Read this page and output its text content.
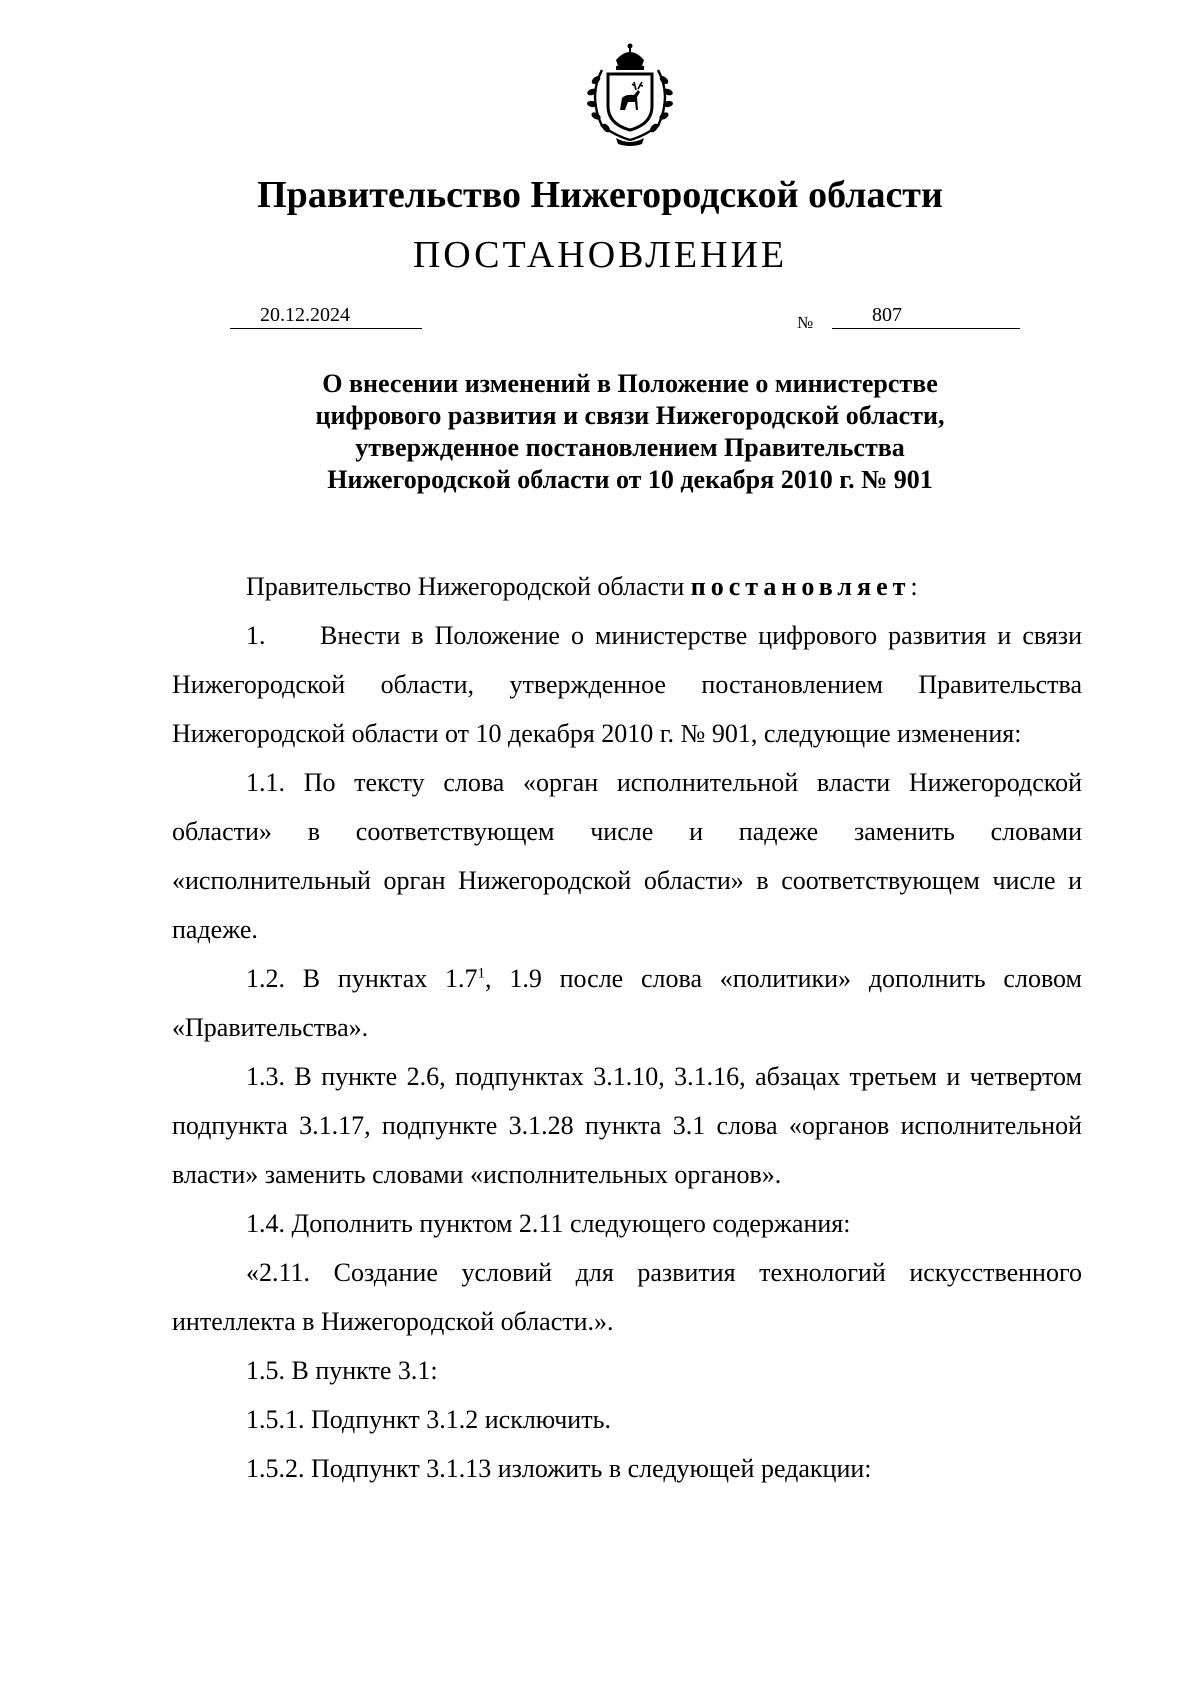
Правительство Нижегородской области
ПОСТАНОВЛЕНИЕ
20.12.2024	№	807
О внесении изменений в Положение о министерстве
цифрового развития и связи Нижегородской области,
утвержденное постановлением Правительства
Нижегородской области от 10 декабря 2010 г. № 901

Правительство Нижегородской области постановляет:

1. Внести в Положение о министерстве цифрового развития и связи Нижегородской области, утвержденное постановлением Правительства Нижегородской области от 10 декабря 2010 г. № 901, следующие изменения:

1.1. По тексту слова «орган исполнительной власти Нижегородской области» в соответствующем числе и падеже заменить словами «исполнительный орган Нижегородской области» в соответствующем числе и падеже.

1.2. В пунктах $1.7^1$, 1.9 после слова «политики» дополнить словом «Правительства».

1.3. В пункте 2.6, подпунктах 3.1.10, 3.1.16, абзацах третьем и четвертом подпункта 3.1.17, подпункте 3.1.28 пункта 3.1 слова «органов исполнительной власти» заменить словами «исполнительных органов».

1.4. Дополнить пунктом 2.11 следующего содержания:

«2.11. Создание условий для развития технологий искусственного интеллекта в Нижегородской области.».

1.5. В пункте 3.1:

1.5.1. Подпункт 3.1.2 исключить.

1.5.2. Подпункт 3.1.13 изложить в следующей редакции:
